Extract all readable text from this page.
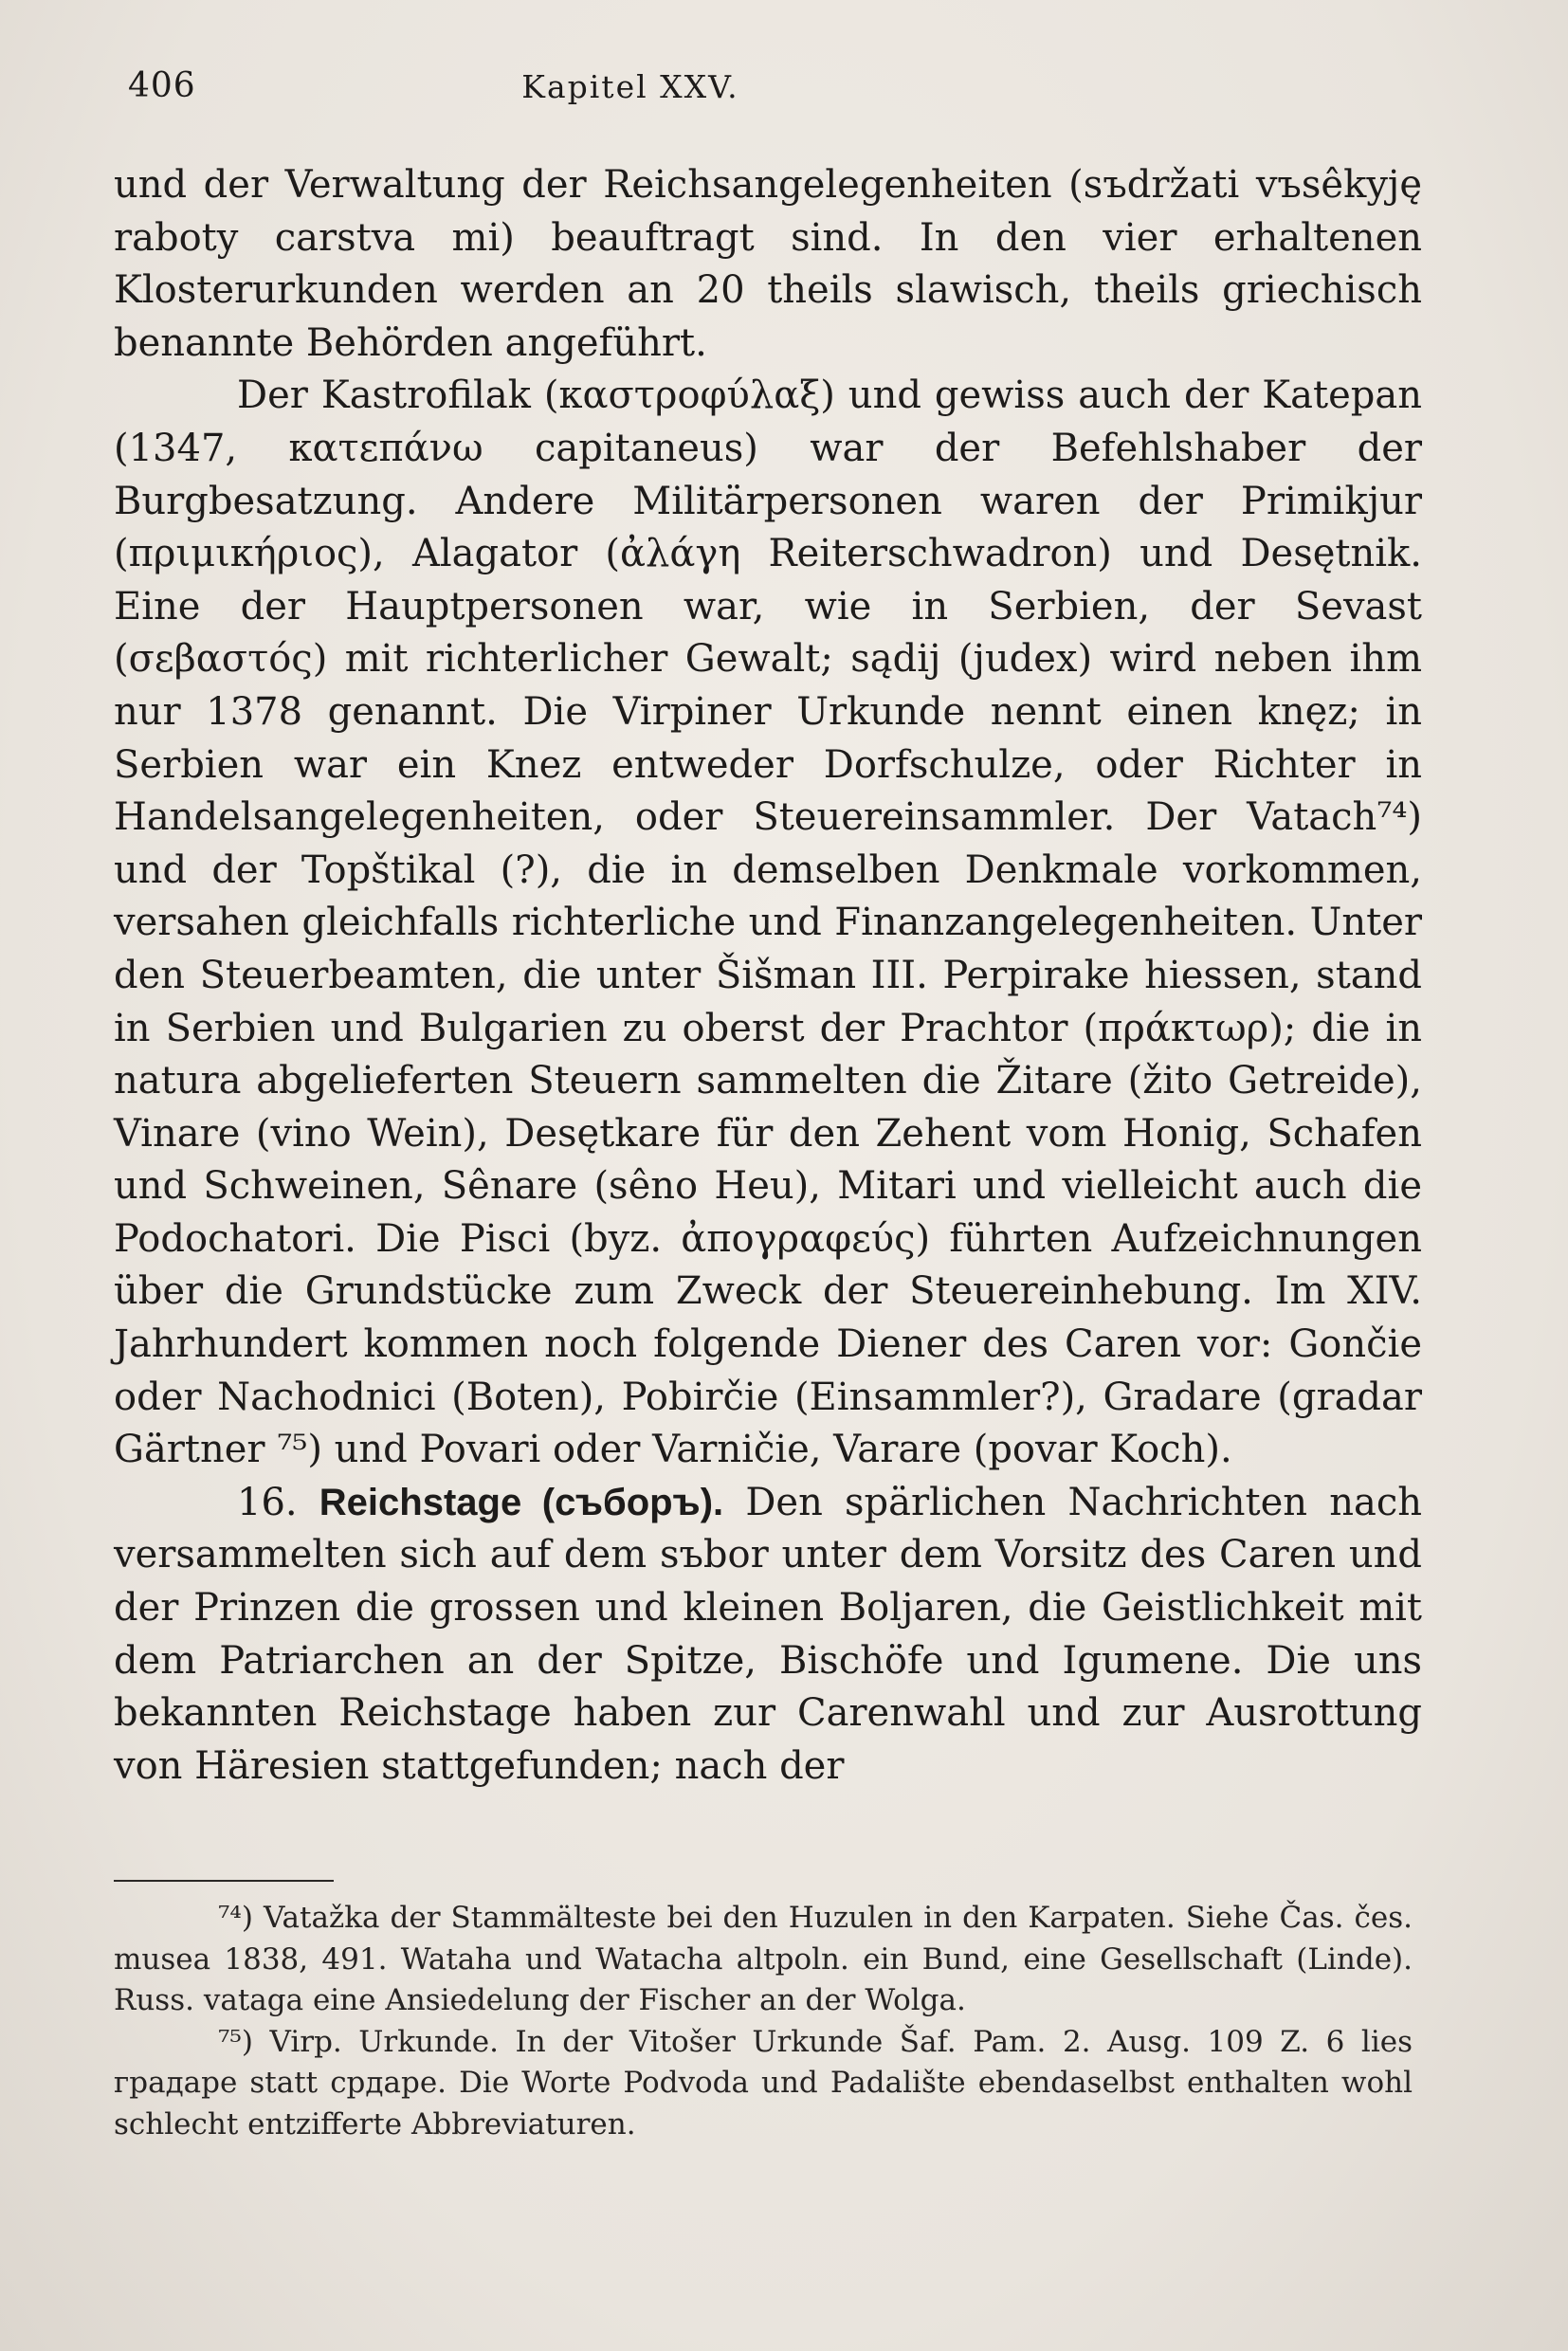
406	Kapitel XXV.

und der Verwaltung der Reichsangelegenheiten (sъdržati vъsêkyję raboty carstva mi) beauftragt sind. In den vier erhaltenen Klosterurkunden werden an 20 theils slawisch, theils griechisch benannte Behörden angeführt.

Der Kastrofilak (καστροφύλαξ) und gewiss auch der Katepan (1347, κατεπάνω capitaneus) war der Befehlshaber der Burgbesatzung. Andere Militärpersonen waren der Primikjur (πριμικήριος), Alagator (ἀλάγη Reiterschwadron) und Desętnik. Eine der Hauptpersonen war, wie in Serbien, der Sevast (σεβαστός) mit richterlicher Gewalt; sądij (judex) wird neben ihm nur 1378 genannt. Die Virpiner Urkunde nennt einen knęz; in Serbien war ein Knez entweder Dorfschulze, oder Richter in Handelsangelegenheiten, oder Steuereinsammler. Der Vatach⁷⁴) und der Topštikal (?), die in demselben Denkmale vorkommen, versahen gleichfalls richterliche und Finanzangelegenheiten. Unter den Steuerbeamten, die unter Šišman III. Perpirake hiessen, stand in Serbien und Bulgarien zu oberst der Prachtor (πράκτωρ); die in natura abgelieferten Steuern sammelten die Žitare (žito Getreide), Vinare (vino Wein), Desętkare für den Zehent vom Honig, Schafen und Schweinen, Sênare (sêno Heu), Mitari und vielleicht auch die Podochatori. Die Pisci (byz. ἀπογραφεύς) führten Aufzeichnungen über die Grundstücke zum Zweck der Steuereinhebung. Im XIV. Jahrhundert kommen noch folgende Diener des Caren vor: Gončie oder Nachodnici (Boten), Pobirčie (Einsammler?), Gradare (gradar Gärtner ⁷⁵) und Povari oder Varničie, Varare (povar Koch).

16. Reichstage (съборъ). Den spärlichen Nachrichten nach versammelten sich auf dem sъbor unter dem Vorsitz des Caren und der Prinzen die grossen und kleinen Boljaren, die Geistlichkeit mit dem Patriarchen an der Spitze, Bischöfe und Igumene. Die uns bekannten Reichstage haben zur Carenwahl und zur Ausrottung von Häresien stattgefunden; nach der

⁷⁴) Vatažka der Stammälteste bei den Huzulen in den Karpaten. Siehe Čas. čes. musea 1838, 491. Wataha und Watacha altpoln. ein Bund, eine Gesellschaft (Linde). Russ. vataga eine Ansiedelung der Fischer an der Wolga.

⁷⁵) Virp. Urkunde. In der Vitošer Urkunde Šaf. Pam. 2. Ausg. 109 Z. 6 lies градаре statt срдаре. Die Worte Podvoda und Padalište ebendaselbst enthalten wohl schlecht entzifferte Abbreviaturen.
